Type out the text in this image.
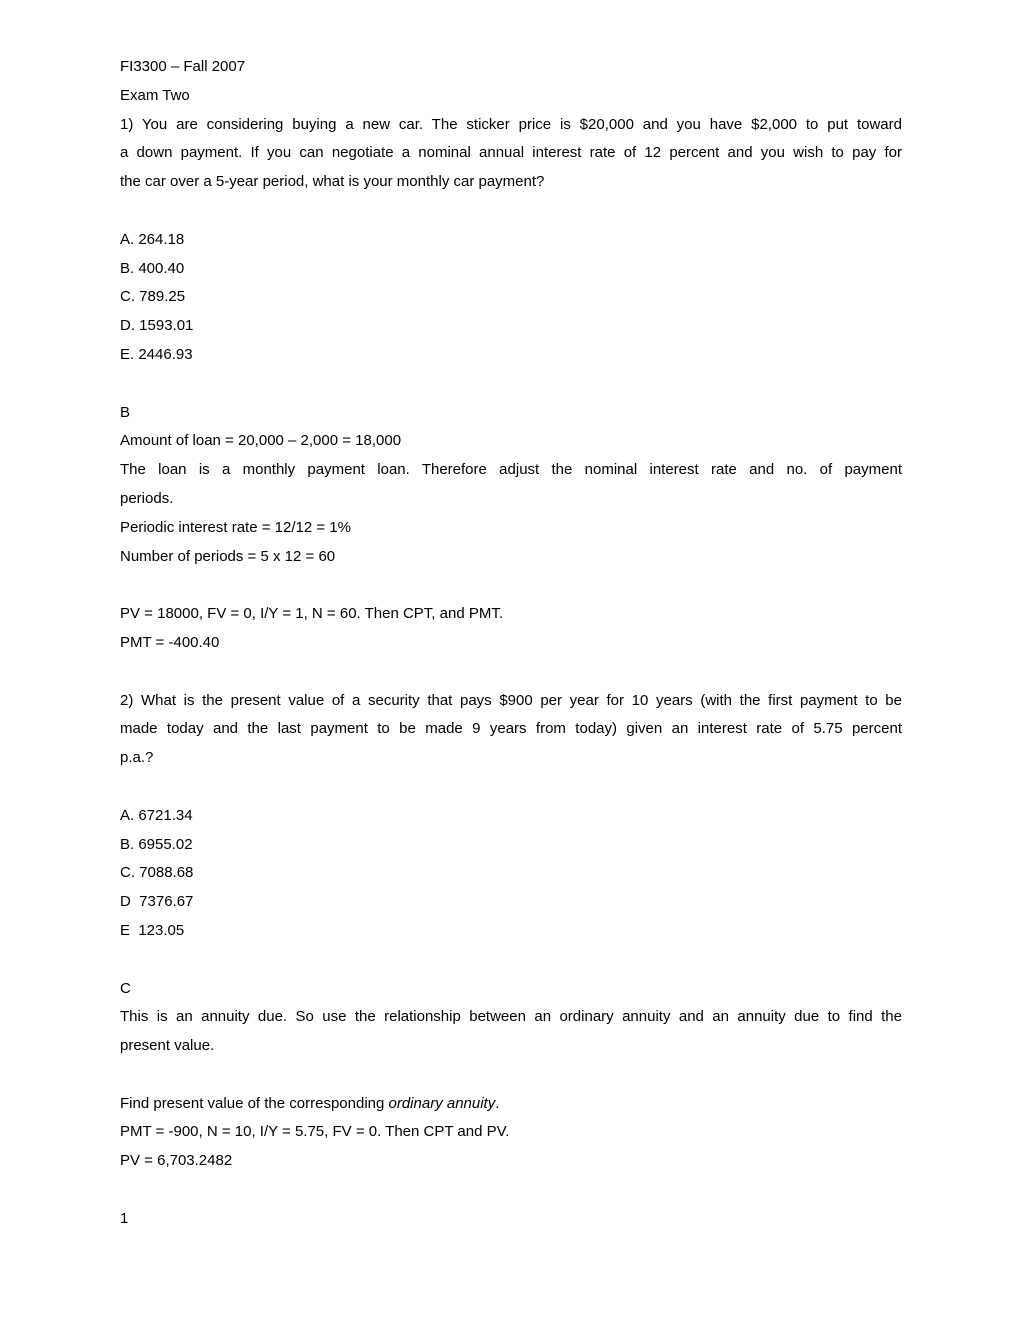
FI3300 – Fall 2007
Exam Two
1) You are considering buying a new car. The sticker price is $20,000 and you have $2,000 to put toward
a down payment. If you can negotiate a nominal annual interest rate of 12 percent and you wish to pay for
the car over a 5-year period, what is your monthly car payment?
A. 264.18
B. 400.40
C. 789.25
D. 1593.01
E. 2446.93
B
Amount of loan = 20,000 – 2,000 = 18,000
The loan is a monthly payment loan. Therefore adjust the nominal interest rate and no. of payment
periods.
Periodic interest rate = 12/12 = 1%
Number of periods = 5 x 12 = 60
PV = 18000, FV = 0, I/Y = 1, N = 60. Then CPT, and PMT.
PMT = -400.40
2) What is the present value of a security that pays $900 per year for 10 years (with the first payment to be
made today and the last payment to be made 9 years from today) given an interest rate of 5.75 percent
p.a.?
A. 6721.34
B. 6955.02
C. 7088.68
D  7376.67
E  123.05
C
This is an annuity due. So use the relationship between an ordinary annuity and an annuity due to find the
present value.
Find present value of the corresponding ordinary annuity.
PMT = -900, N = 10, I/Y = 5.75, FV = 0. Then CPT and PV.
PV = 6,703.2482
1
